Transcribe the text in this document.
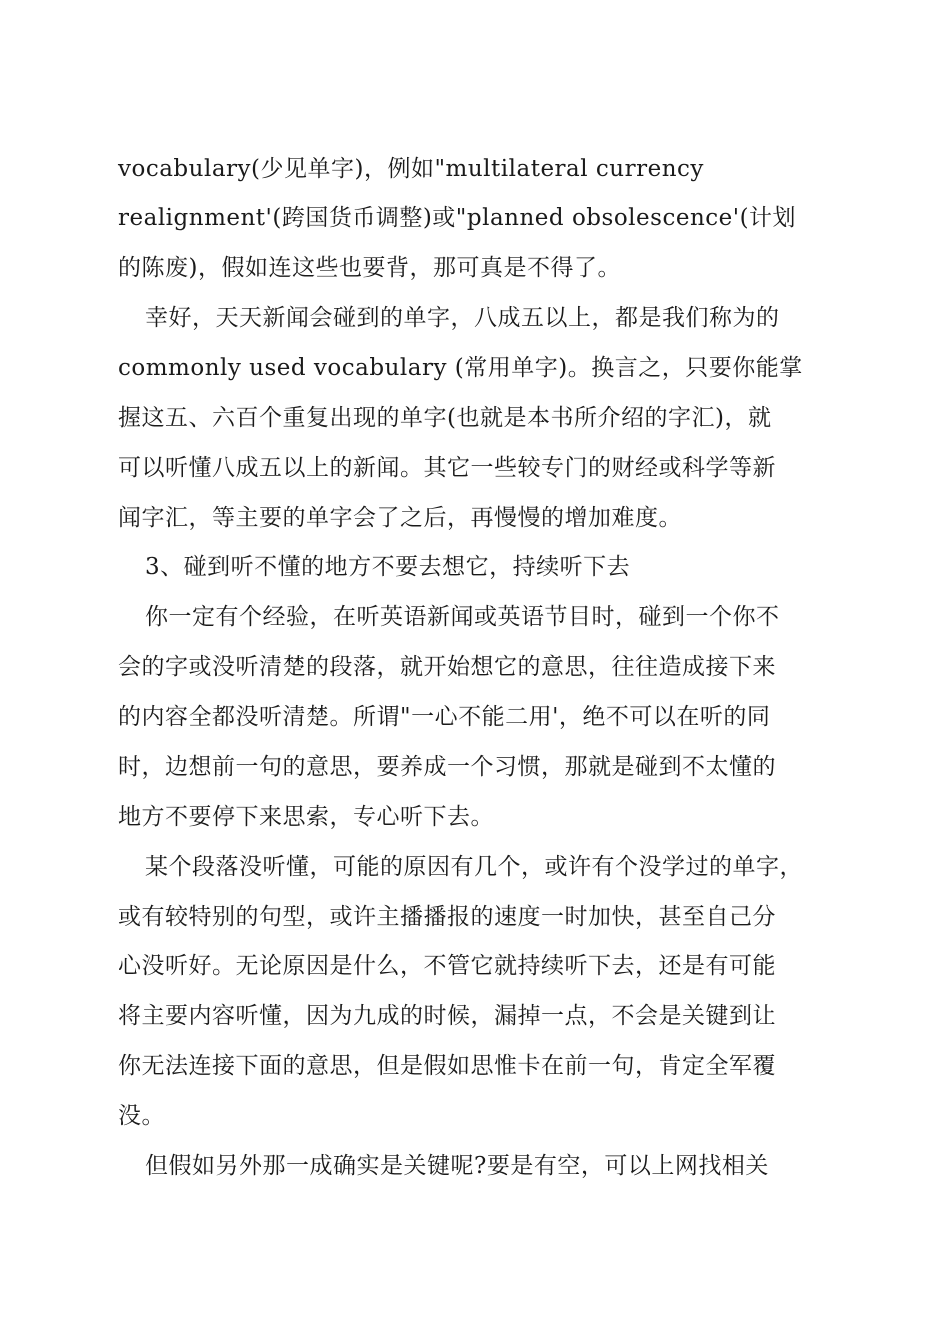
vocabulary(少见单字)，例如"multilateral currency
realignment'(跨国货币调整)或"planned obsolescence'(计划
的陈废)，假如连这些也要背，那可真是不得了。
幸好，天天新闻会碰到的单字，八成五以上，都是我们称为的
commonly used vocabulary (常用单字)。换言之，只要你能掌
握这五、六百个重复出现的单字(也就是本书所介绍的字汇)，就
可以听懂八成五以上的新闻。其它一些较专门的财经或科学等新
闻字汇，等主要的单字会了之后，再慢慢的增加难度。
3、碰到听不懂的地方不要去想它，持续听下去
你一定有个经验，在听英语新闻或英语节目时，碰到一个你不
会的字或没听清楚的段落，就开始想它的意思，往往造成接下来
的内容全都没听清楚。所谓"一心不能二用'，绝不可以在听的同
时，边想前一句的意思，要养成一个习惯，那就是碰到不太懂的
地方不要停下来思索，专心听下去。
某个段落没听懂，可能的原因有几个，或许有个没学过的单字，
或有较特别的句型，或许主播播报的速度一时加快，甚至自己分
心没听好。无论原因是什么，不管它就持续听下去，还是有可能
将主要内容听懂，因为九成的时候，漏掉一点，不会是关键到让
你无法连接下面的意思，但是假如思惟卡在前一句，肯定全军覆
没。
但假如另外那一成确实是关键呢?要是有空，可以上网找相关
